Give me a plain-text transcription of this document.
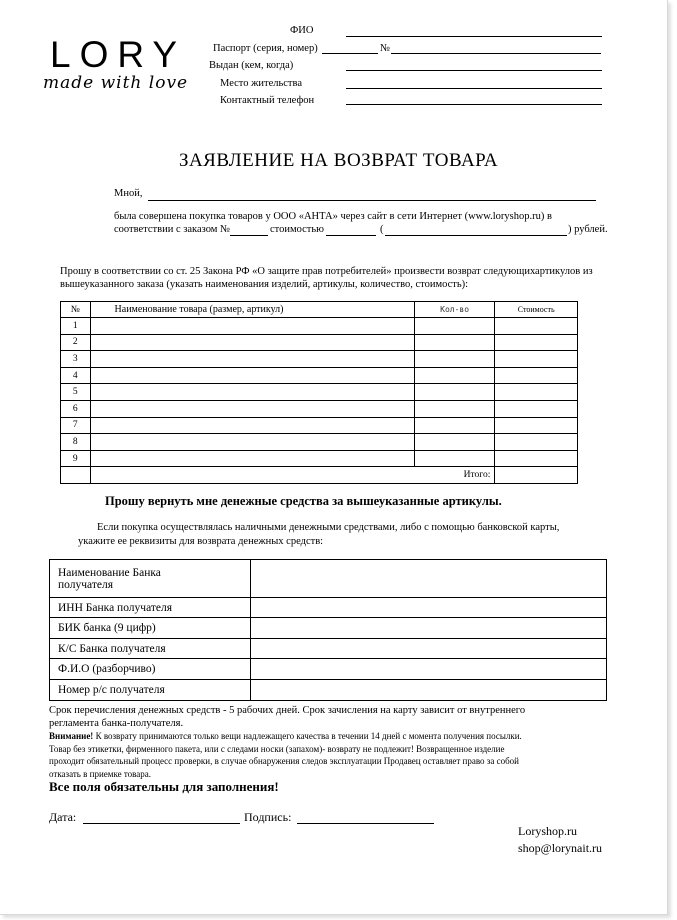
LORY
made with love
ФИО
Паспорт (серия, номер)	№
Выдан (кем, когда)
Место жительства
Контактный телефон
ЗАЯВЛЕНИЕ НА ВОЗВРАТ ТОВАРА
Мной,
была совершена покупка товаров у ООО «АНТА» через сайт в сети Интернет (www.loryshop.ru) в
соответствии с заказом №	стоимостью	(	) рублей.
Прошу в соответствии со ст. 25 Закона РФ «О защите прав потребителей» произвести возврат следующихартикулов из
вышеуказанного заказа (указать наименования изделий, артикулы, количество, стоимость):
№	Наименование товара (размер, артикул)	Кол-во	Стоимость
1			
2			
3			
4			
5			
6			
7			
8			
9			

	Итого:		

Прошу вернуть мне денежные средства за вышеуказанные артикулы.
Если покупка осуществлялась наличными денежными средствами, либо с помощью банковской карты,
укажите ее реквизиты для возврата денежных средств:
Наименование Банка
получателя	

ИНН Банка получателя	
БИК банка (9 цифр)	
К/С Банка получателя	
Ф.И.О (разборчиво)	
Номер р/с получателя	
Срок перечисления денежных средств - 5 рабочих дней. Срок зачисления на карту зависит от внутреннего
регламента банка-получателя.
Внимание! К возврату принимаются только вещи надлежащего качества в течении 14 дней с момента получения посылки.
Товар без этикетки, фирменного пакета, или с следами носки (запахом)- возврату не подлежит! Возвращенное изделие
проходит обязательный процесс проверки, в случае обнаружения следов эксплуатации Продавец оставляет право за собой
отказать в приемке товара.
Все поля обязательны для заполнения!
Дата:	Подпись:
Loryshop.ru
shop@lorynait.ru
